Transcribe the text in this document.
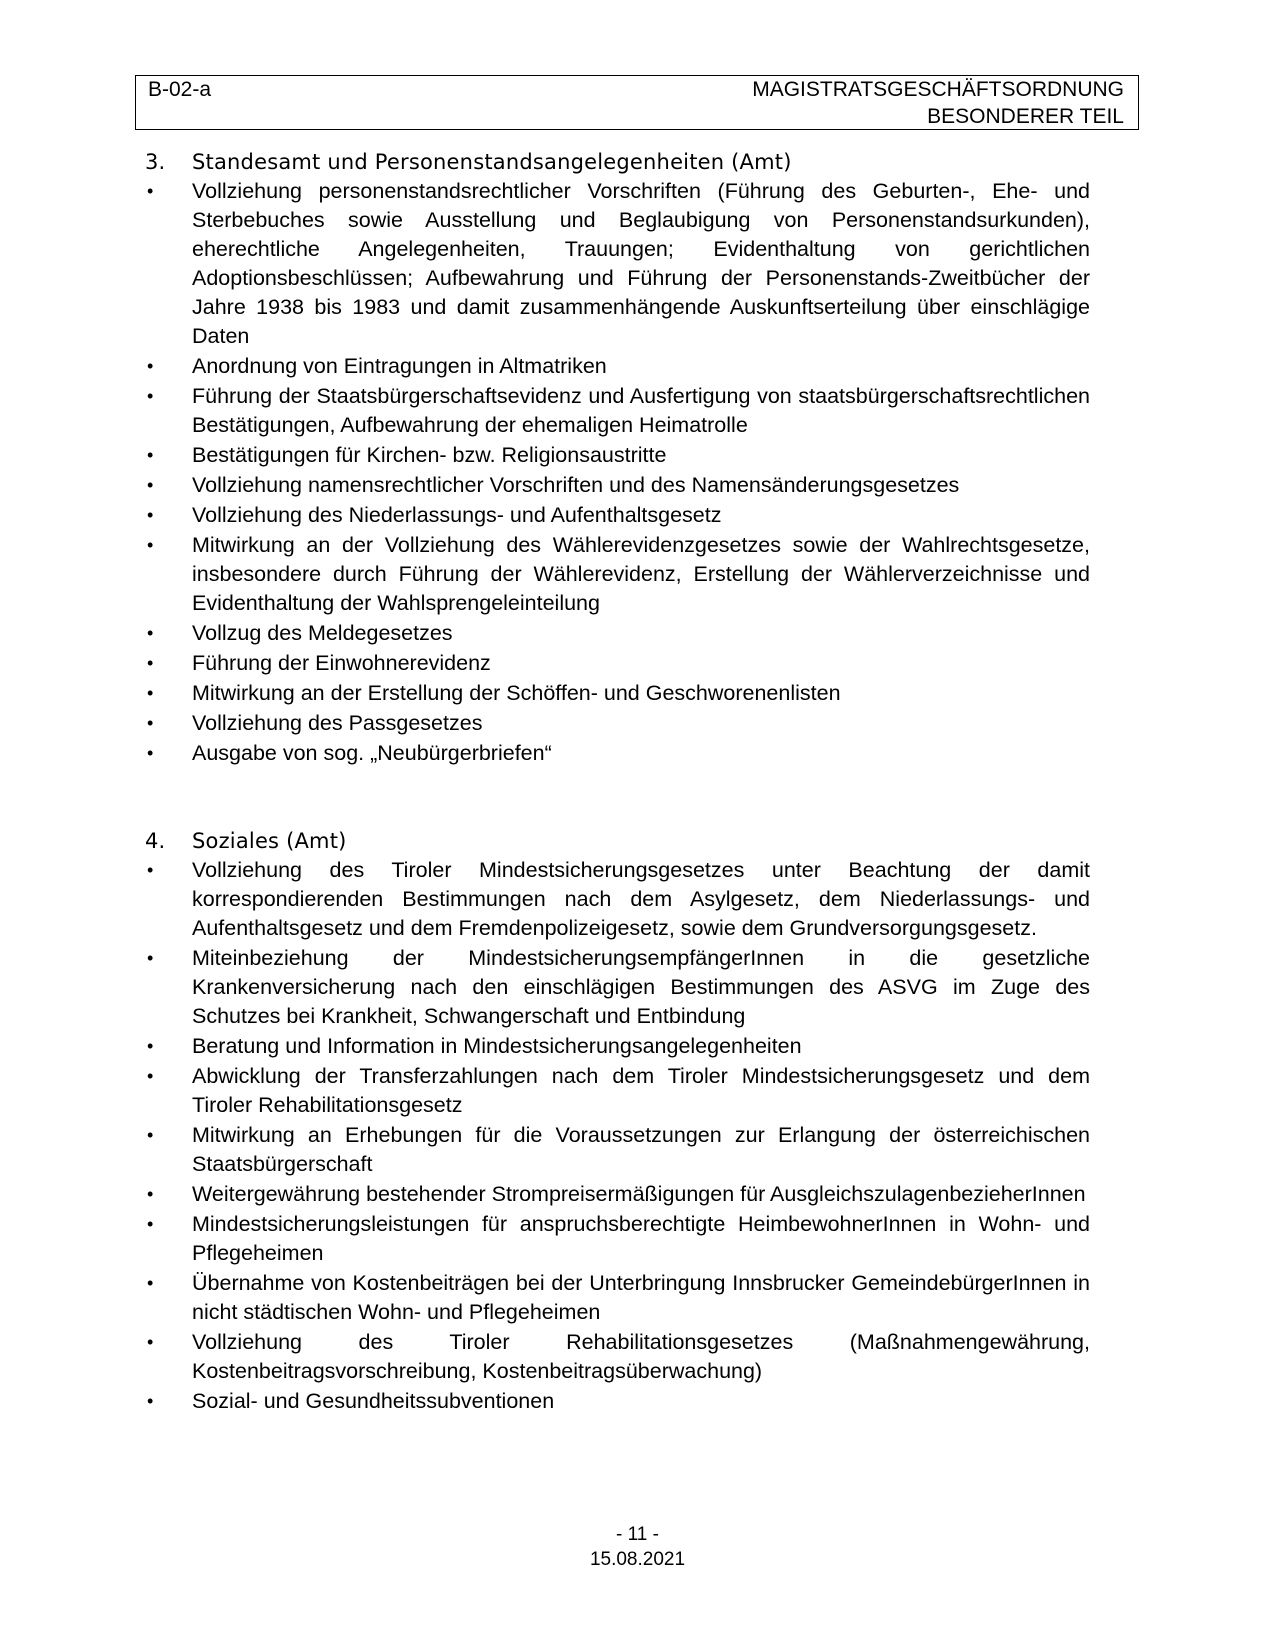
B-02-a	MAGISTRATSGESCHÄFTSORDNUNG
BESONDERER TEIL
3.	Standesamt und Personenstandsangelegenheiten (Amt)
•	Vollziehung personenstandsrechtlicher Vorschriften (Führung des Geburten-, Ehe- und Sterbebuches sowie Ausstellung und Beglaubigung von Personenstandsurkunden), eherechtliche Angelegenheiten, Trauungen; Evidenthaltung von gerichtlichen Adoptionsbeschlüssen; Aufbewahrung und Führung der Personenstands-Zweitbücher der Jahre 1938 bis 1983 und damit zusammenhängende Auskunftserteilung über einschlägige Daten
•	Anordnung von Eintragungen in Altmatriken
•	Führung der Staatsbürgerschaftsevidenz und Ausfertigung von staatsbürgerschaftsrechtlichen Bestätigungen, Aufbewahrung der ehemaligen Heimatrolle
•	Bestätigungen für Kirchen- bzw. Religionsaustritte
•	Vollziehung namensrechtlicher Vorschriften und des Namensänderungsgesetzes
•	Vollziehung des Niederlassungs- und Aufenthaltsgesetz
•	Mitwirkung an der Vollziehung des Wählerevidenzgesetzes sowie der Wahlrechtsgesetze, insbesondere durch Führung der Wählerevidenz, Erstellung der Wählerverzeichnisse und Evidenthaltung der Wahlsprengeleinteilung
•	Vollzug des Meldegesetzes
•	Führung der Einwohnerevidenz
•	Mitwirkung an der Erstellung der Schöffen- und Geschworenenlisten
•	Vollziehung des Passgesetzes
•	Ausgabe von sog. „Neubürgerbriefen“
4.	Soziales (Amt)
•	Vollziehung des Tiroler Mindestsicherungsgesetzes unter Beachtung der damit korrespondierenden Bestimmungen nach dem Asylgesetz, dem Niederlassungs- und Aufenthaltsgesetz und dem Fremdenpolizeigesetz, sowie dem Grundversorgungsgesetz.
•	Miteinbeziehung der MindestsicherungsempfängerInnen in die gesetzliche Krankenversicherung nach den einschlägigen Bestimmungen des ASVG im Zuge des Schutzes bei Krankheit, Schwangerschaft und Entbindung
•	Beratung und Information in Mindestsicherungsangelegenheiten
•	Abwicklung der Transferzahlungen nach dem Tiroler Mindestsicherungsgesetz und dem Tiroler Rehabilitationsgesetz
•	Mitwirkung an Erhebungen für die Voraussetzungen zur Erlangung der österreichischen Staatsbürgerschaft
•	Weitergewährung bestehender Strompreisermäßigungen für AusgleichszulagenbezieherInnen
•	Mindestsicherungsleistungen für anspruchsberechtigte HeimbewohnerInnen in Wohn- und Pflegeheimen
•	Übernahme von Kostenbeiträgen bei der Unterbringung Innsbrucker GemeindebürgerInnen in nicht städtischen Wohn- und Pflegeheimen
•	Vollziehung des Tiroler Rehabilitationsgesetzes (Maßnahmengewährung, Kostenbeitragsvorschreibung, Kostenbeitragsüberwachung)
•	Sozial- und Gesundheitssubventionen
- 11 -
15.08.2021
